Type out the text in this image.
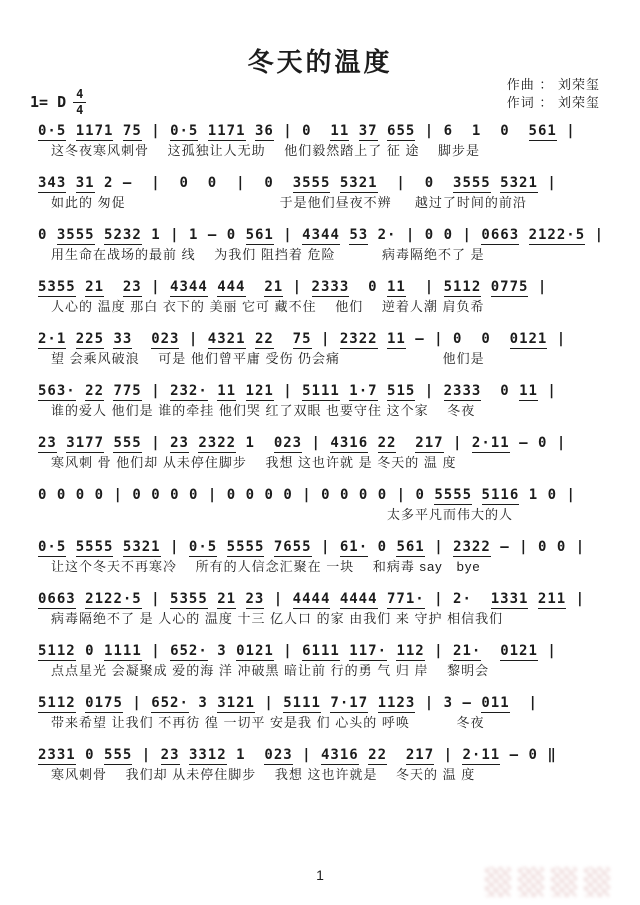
冬天的温度
1= D $\frac{4}{4}$
作曲 ： 刘荣玺
作词 ： 刘荣玺
0·5 1171 75 | 0·5 1171 36 | 0 11 37 655 | 6 1 0 561 |
这冬夜寒风刺骨　 这孤独让人无助　 他们毅然踏上了 征 途　 脚步是
343 31 2 — | 0 0 | 0 3555 5321 | 0 3555 5321 |
如此的 匆促　　　　　　　　　　　于是他们昼夜不辨　  越过了时间的前沿
0 3555 5232 1 | 1 — 0 561 | 4344 53 2· | 0 0 | 0663 2122·5 |
用生命在战场的最前 线　 为我们 阻挡着 危险　　　 病毒隔绝不了 是
5355 21 23 | 4344 444 21 | 2333 0 11 | 5112 0775 |
人心的 温度 那白 衣下的 美丽 它可 藏不住　 他们　 逆着人潮 肩负希
2·1 225 33 023 | 4321 22 75 | 2322 11 — | 0 0 0121 |
望 会乘风破浪　 可是 他们曾平庸 受伤 仍会痛　　　　　　　 他们是
563· 22 775 | 232· 11 121 | 5111 1·7 515 | 2333 0 11 |
谁的爱人 他们是 谁的牵挂 他们哭 红了双眼 也要守住 这个家　 冬夜
23 3177 555 | 23 2322 1 023 | 4316 22 217 | 2·11 — 0 |
寒风刺 骨 他们却 从未停住脚步　 我想 这也许就 是 冬天的 温 度
0 0 0 0 | 0 0 0 0 | 0 0 0 0 | 0 0 0 0 | 0 5555 5116 1 0 |
　　　　　　　　　　　　　　　　　　　　　　　　太多平凡而伟大的人
0·5 5555 5321 | 0·5 5555 7655 | 61· 0 561 | 2322 — | 0 0 |
让这个冬天不再寒冷　 所有的人信念汇聚在 一块　 和病毒 say　bye
0663 2122·5 | 5355 21 23 | 4444 4444 771· | 2· 1331 211 |
病毒隔绝不了 是 人心的 温度 十三 亿人口 的家 由我们 来 守护 相信我们
5112 0 1111 | 652· 3 0121 | 6111 117· 112 | 21· 0121 |
点点星光 会凝聚成 爱的海 洋 冲破黑 暗让前 行的勇 气 归 岸　 黎明会
5112 0175 | 652· 3 3121 | 5111 7·17 1123 | 3 — 011 |
带来希望 让我们 不再彷 徨 一切平 安是我 们 心头的 呼唤　　　 冬夜
2331 0 555 | 23 3312 1 023 | 4316 22 217 | 2·11 — 0 ‖
寒风刺骨　 我们却 从未停住脚步　 我想 这也许就是　 冬天的 温 度
1
